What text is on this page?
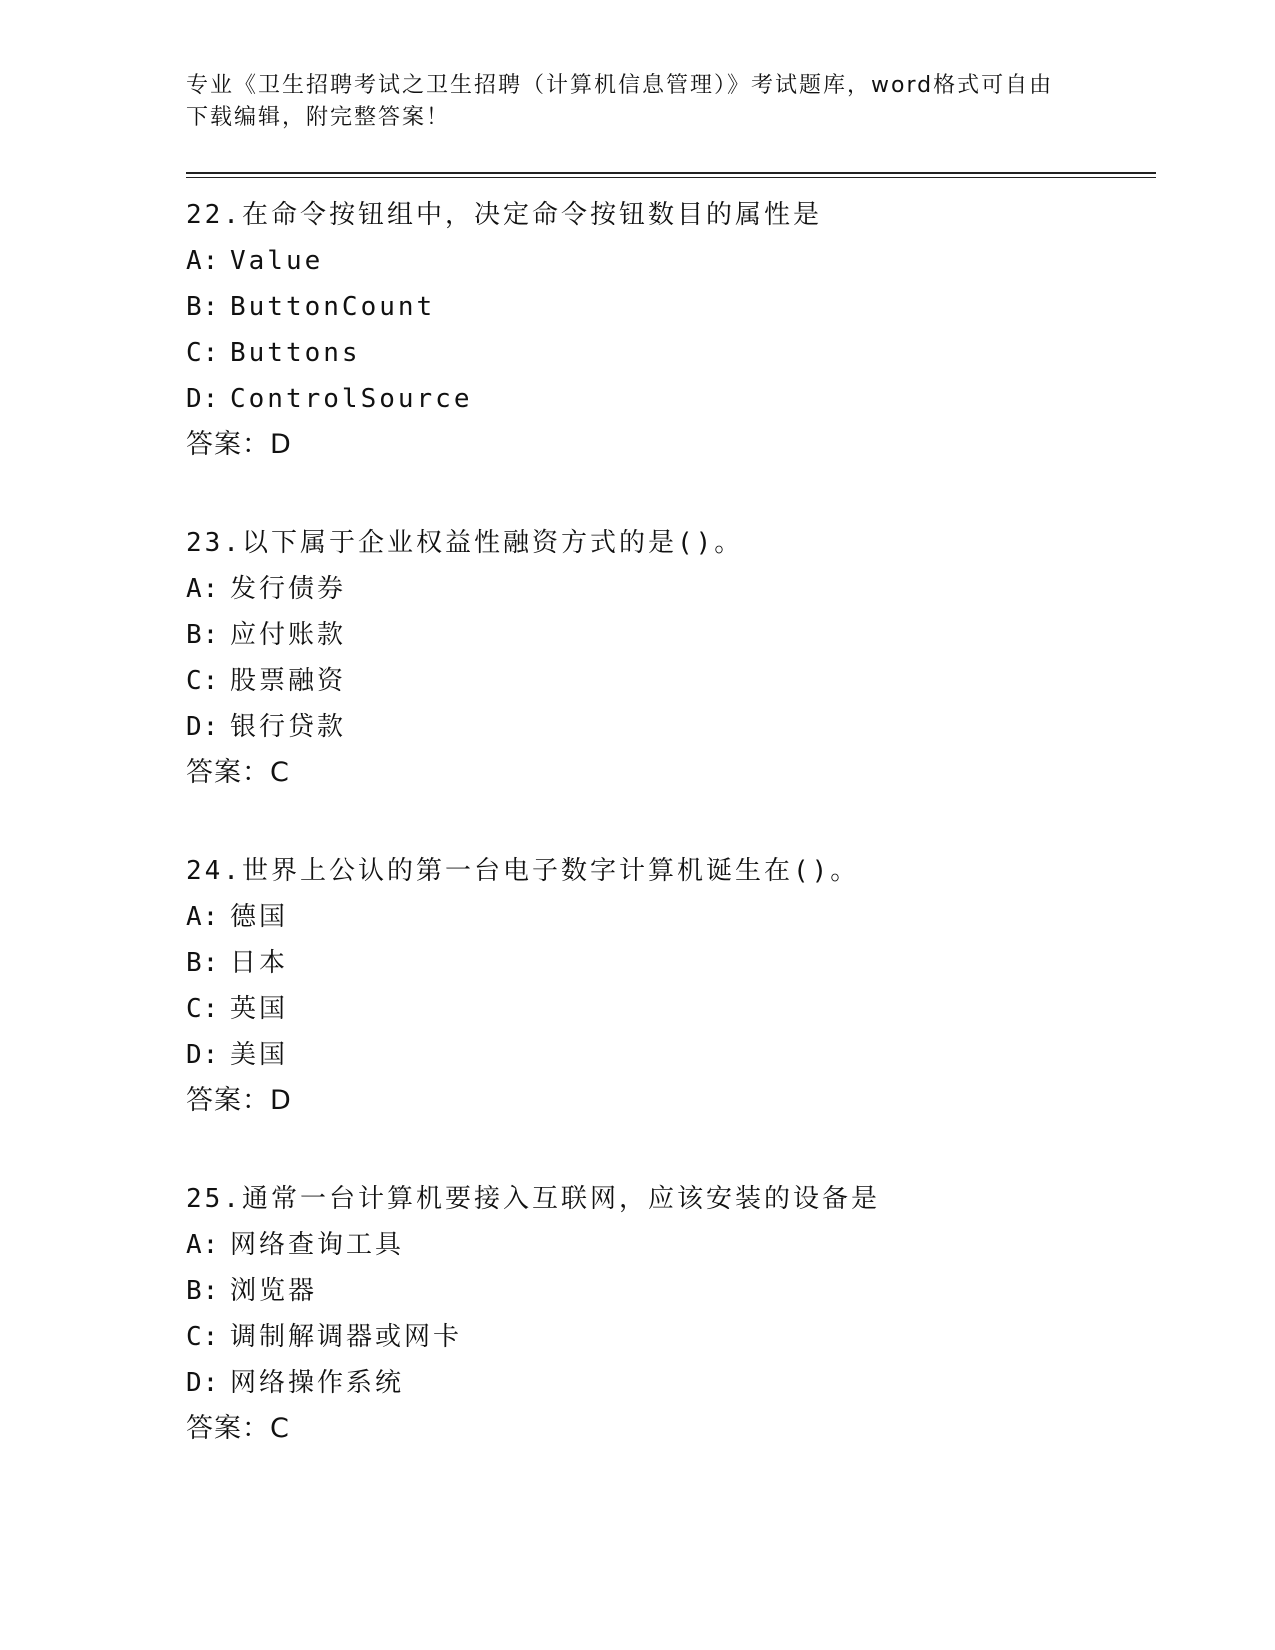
专业《卫生招聘考试之卫生招聘（计算机信息管理）》考试题库，word格式可自由下载编辑，附完整答案！

22.在命令按钮组中，决定命令按钮数目的属性是

A: Value

B: ButtonCount

C: Buttons

D: ControlSource

答案：D

23.以下属于企业权益性融资方式的是()。

A: 发行债券

B: 应付账款

C: 股票融资

D: 银行贷款

答案：C

24.世界上公认的第一台电子数字计算机诞生在()。

A: 德国

B: 日本

C: 英国

D: 美国

答案：D

25.通常一台计算机要接入互联网，应该安装的设备是

A: 网络查询工具

B: 浏览器

C: 调制解调器或网卡

D: 网络操作系统

答案：C
